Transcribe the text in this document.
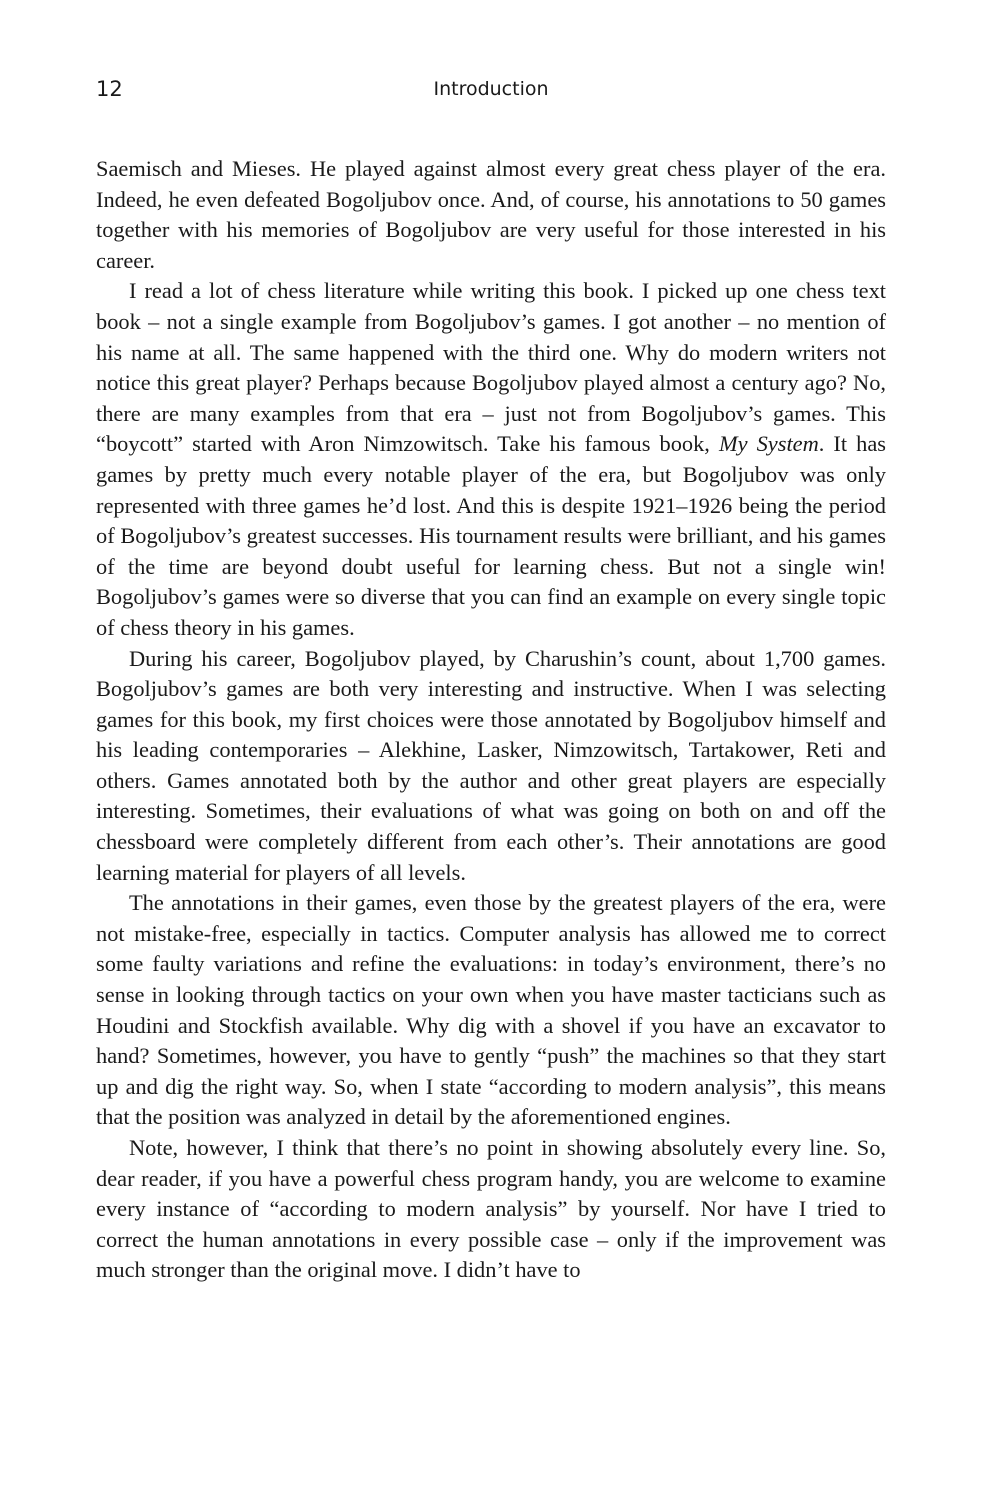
12	Introduction

Saemisch and Mieses. He played against almost every great chess player of the era. Indeed, he even defeated Bogoljubov once. And, of course, his annotations to 50 games together with his memories of Bogoljubov are very useful for those interested in his career.

I read a lot of chess literature while writing this book. I picked up one chess text book – not a single example from Bogoljubov’s games. I got another – no mention of his name at all. The same happened with the third one. Why do modern writers not notice this great player? Perhaps because Bogoljubov played almost a century ago? No, there are many examples from that era – just not from Bogoljubov’s games. This “boycott” started with Aron Nimzowitsch. Take his famous book, My System. It has games by pretty much every notable player of the era, but Bogoljubov was only represented with three games he’d lost. And this is despite 1921–1926 being the period of Bogoljubov’s greatest successes. His tournament results were brilliant, and his games of the time are beyond doubt useful for learning chess. But not a single win! Bogoljubov’s games were so diverse that you can find an example on every single topic of chess theory in his games.

During his career, Bogoljubov played, by Charushin’s count, about 1,700 games. Bogoljubov’s games are both very interesting and instructive. When I was selecting games for this book, my first choices were those annotated by Bogoljubov himself and his leading contemporaries – Alekhine, Lasker, Nimzowitsch, Tartakower, Reti and others. Games annotated both by the author and other great players are especially interesting. Sometimes, their evaluations of what was going on both on and off the chessboard were completely different from each other’s. Their annotations are good learning material for players of all levels.

The annotations in their games, even those by the greatest players of the era, were not mistake-free, especially in tactics. Computer analysis has allowed me to correct some faulty variations and refine the evaluations: in today’s environment, there’s no sense in looking through tactics on your own when you have master tacticians such as Houdini and Stockfish available. Why dig with a shovel if you have an excavator to hand? Sometimes, however, you have to gently “push” the machines so that they start up and dig the right way. So, when I state “according to modern analysis”, this means that the position was analyzed in detail by the aforementioned engines.

Note, however, I think that there’s no point in showing absolutely every line. So, dear reader, if you have a powerful chess program handy, you are welcome to examine every instance of “according to modern analysis” by yourself. Nor have I tried to correct the human annotations in every possible case – only if the improvement was much stronger than the original move. I didn’t have to
